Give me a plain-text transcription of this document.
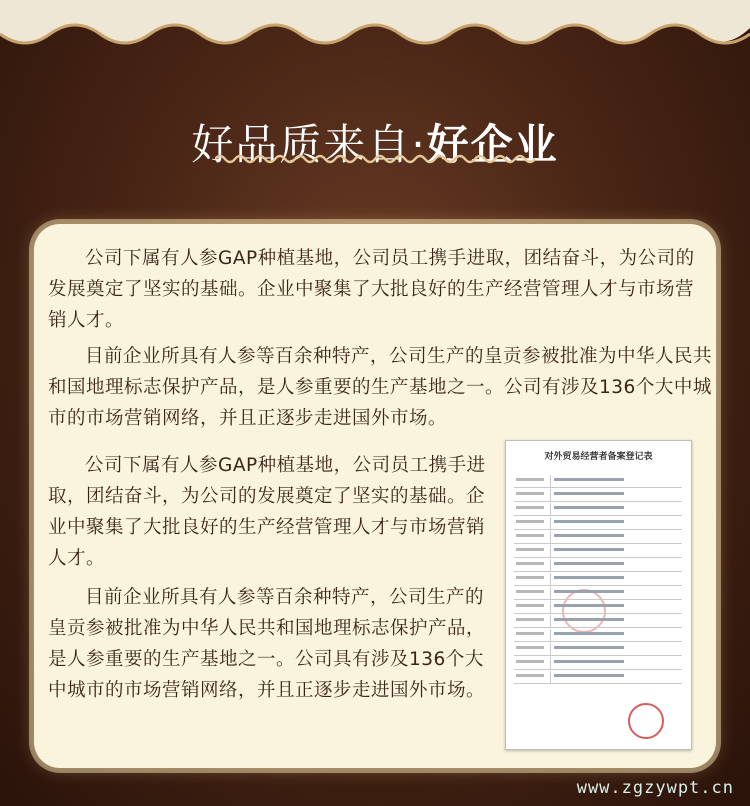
好品质来自·好企业

公司下属有人参GAP种植基地，公司员工携手进取，团结奋斗，为公司的发展奠定了坚实的基础。企业中聚集了大批良好的生产经营管理人才与市场营销人才。

目前企业所具有人参等百余种特产，公司生产的皇贡参被批准为中华人民共和国地理标志保护产品，是人参重要的生产基地之一。公司有涉及136个大中城市的市场营销网络，并且正逐步走进国外市场。

公司下属有人参GAP种植基地，公司员工携手进取，团结奋斗，为公司的发展奠定了坚实的基础。企业中聚集了大批良好的生产经营管理人才与市场营销人才。

目前企业所具有人参等百余种特产，公司生产的皇贡参被批准为中华人民共和国地理标志保护产品，是人参重要的生产基地之一。公司具有涉及136个大中城市的市场营销网络，并且正逐步走进国外市场。

对外贸易经营者备案登记表
www.zgzywpt.cn
